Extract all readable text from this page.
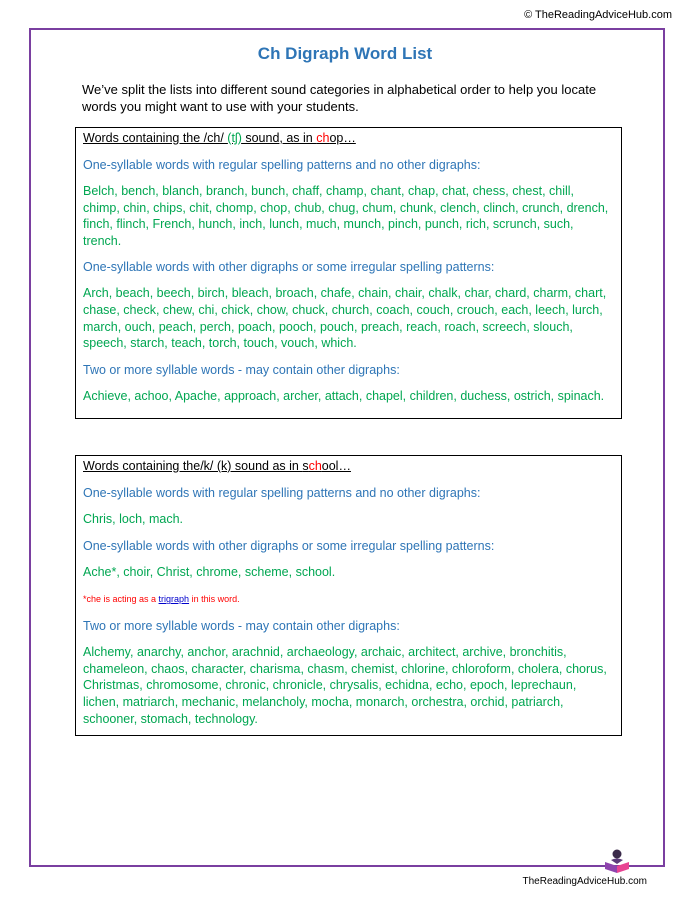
© TheReadingAdviceHub.com
Ch Digraph Word List
We’ve split the lists into different sound categories in alphabetical order to help you locate words you might want to use with your students.
Words containing the /ch/ (tʃ) sound, as in chop…
One-syllable words with regular spelling patterns and no other digraphs:
Belch, bench, blanch, branch, bunch, chaff, champ, chant, chap, chat, chess, chest, chill, chimp, chin, chips, chit, chomp, chop, chub, chug, chum, chunk, clench, clinch, crunch, drench, finch, flinch, French, hunch, inch, lunch, much, munch, pinch, punch, rich, scrunch, such, trench.
One-syllable words with other digraphs or some irregular spelling patterns:
Arch, beach, beech, birch, bleach, broach, chafe, chain, chair, chalk, char, chard, charm, chart, chase, check, chew, chi, chick, chow, chuck, church, coach, couch, crouch, each, leech, lurch, march, ouch, peach, perch, poach, pooch, pouch, preach, reach, roach, screech, slouch, speech, starch, teach, torch, touch, vouch, which.
Two or more syllable words - may contain other digraphs:
Achieve, achoo, Apache, approach, archer, attach, chapel, children, duchess, ostrich, spinach.
Words containing the/k/ (k) sound as in school…
One-syllable words with regular spelling patterns and no other digraphs:
Chris, loch, mach.
One-syllable words with other digraphs or some irregular spelling patterns:
Ache*, choir, Christ, chrome, scheme, school.
*che is acting as a trigraph in this word.
Two or more syllable words - may contain other digraphs:
Alchemy, anarchy, anchor, arachnid, archaeology, archaic, architect, archive, bronchitis, chameleon, chaos, character, charisma, chasm, chemist, chlorine, chloroform, cholera, chorus, Christmas, chromosome, chronic, chronicle, chrysalis, echidna, echo, epoch, leprechaun, lichen, matriarch, mechanic, melancholy, mocha, monarch, orchestra, orchid, patriarch, schooner, stomach, technology.
TheReadingAdviceHub.com
